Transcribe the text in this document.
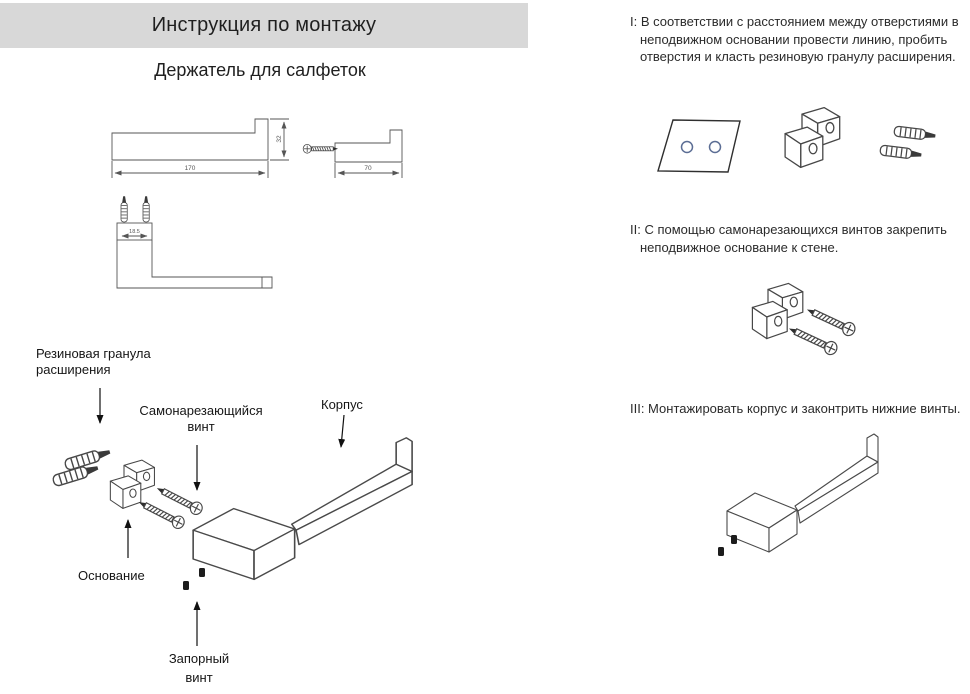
Инструкция по монтажу
Держатель для салфеток
170
32
70
18.5
Резиновая гранула расширения
Самонарезающийся винт
Корпус
Основание
Запорный винт
I: В соответствии с расстоянием между отверстиями в неподвижном основании провести линию, пробить отверстия и класть резиновую гранулу расширения.
II: С помощью самонарезающихся винтов закрепить неподвижное основание к стене.
III: Монтажировать корпус и законтрить нижние винты.
